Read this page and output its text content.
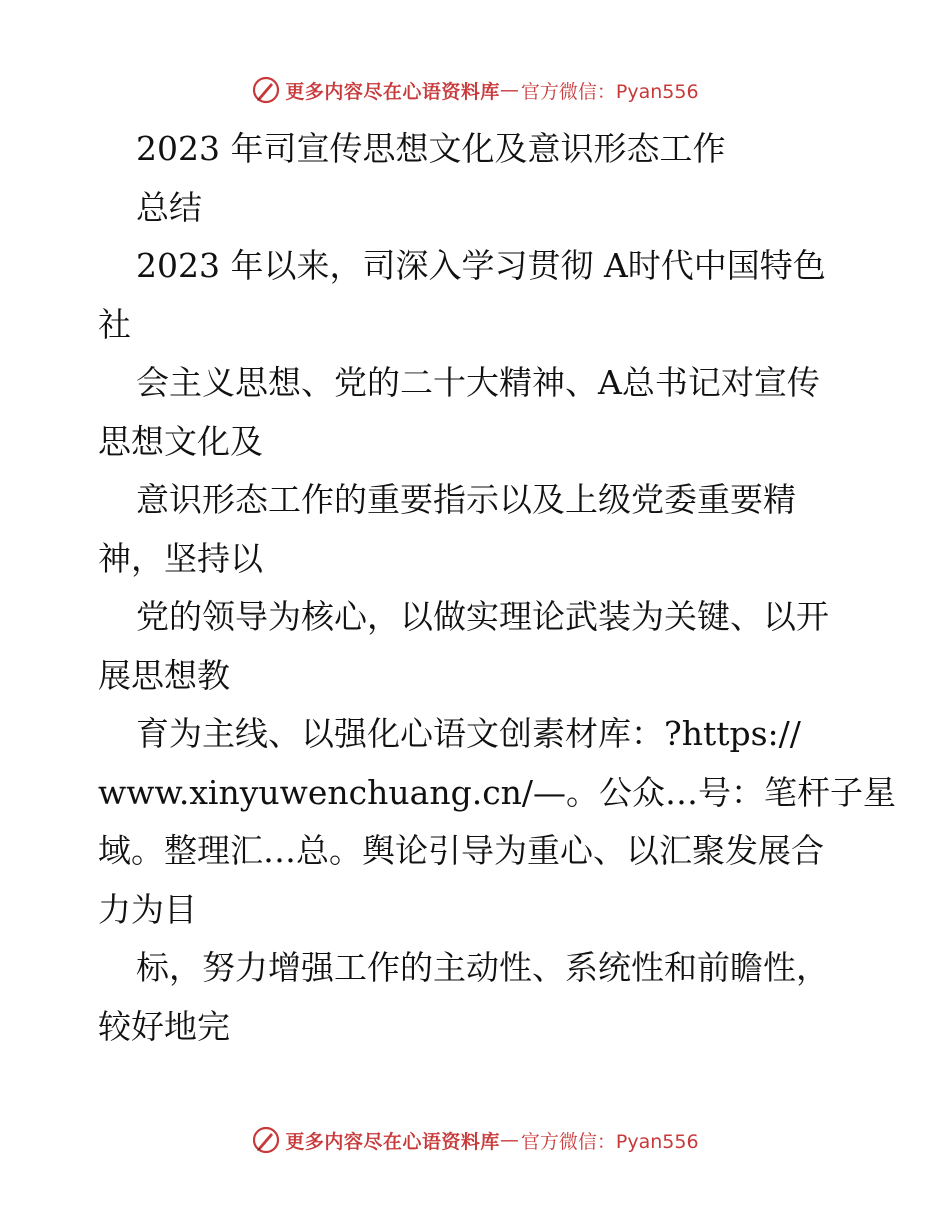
更多内容尽在心语资料库 — 官方微信：Pyan556
2023 年司宣传思想文化及意识形态工作
总结
2023 年以来，司深入学习贯彻 A时代中国特色
社
会主义思想、党的二十大精神、A总书记对宣传
思想文化及
意识形态工作的重要指示以及上级党委重要精
神，坚持以
党的领导为核心，以做实理论武装为关键、以开
展思想教
育为主线、以强化心语文创素材库：?https://
www.xinyuwenchuang.cn/—。公众…号：笔杆子星
域。整理汇…总。舆论引导为重心、以汇聚发展合
力为目
标，努力增强工作的主动性、系统性和前瞻性，
较好地完
更多内容尽在心语资料库 — 官方微信：Pyan556
